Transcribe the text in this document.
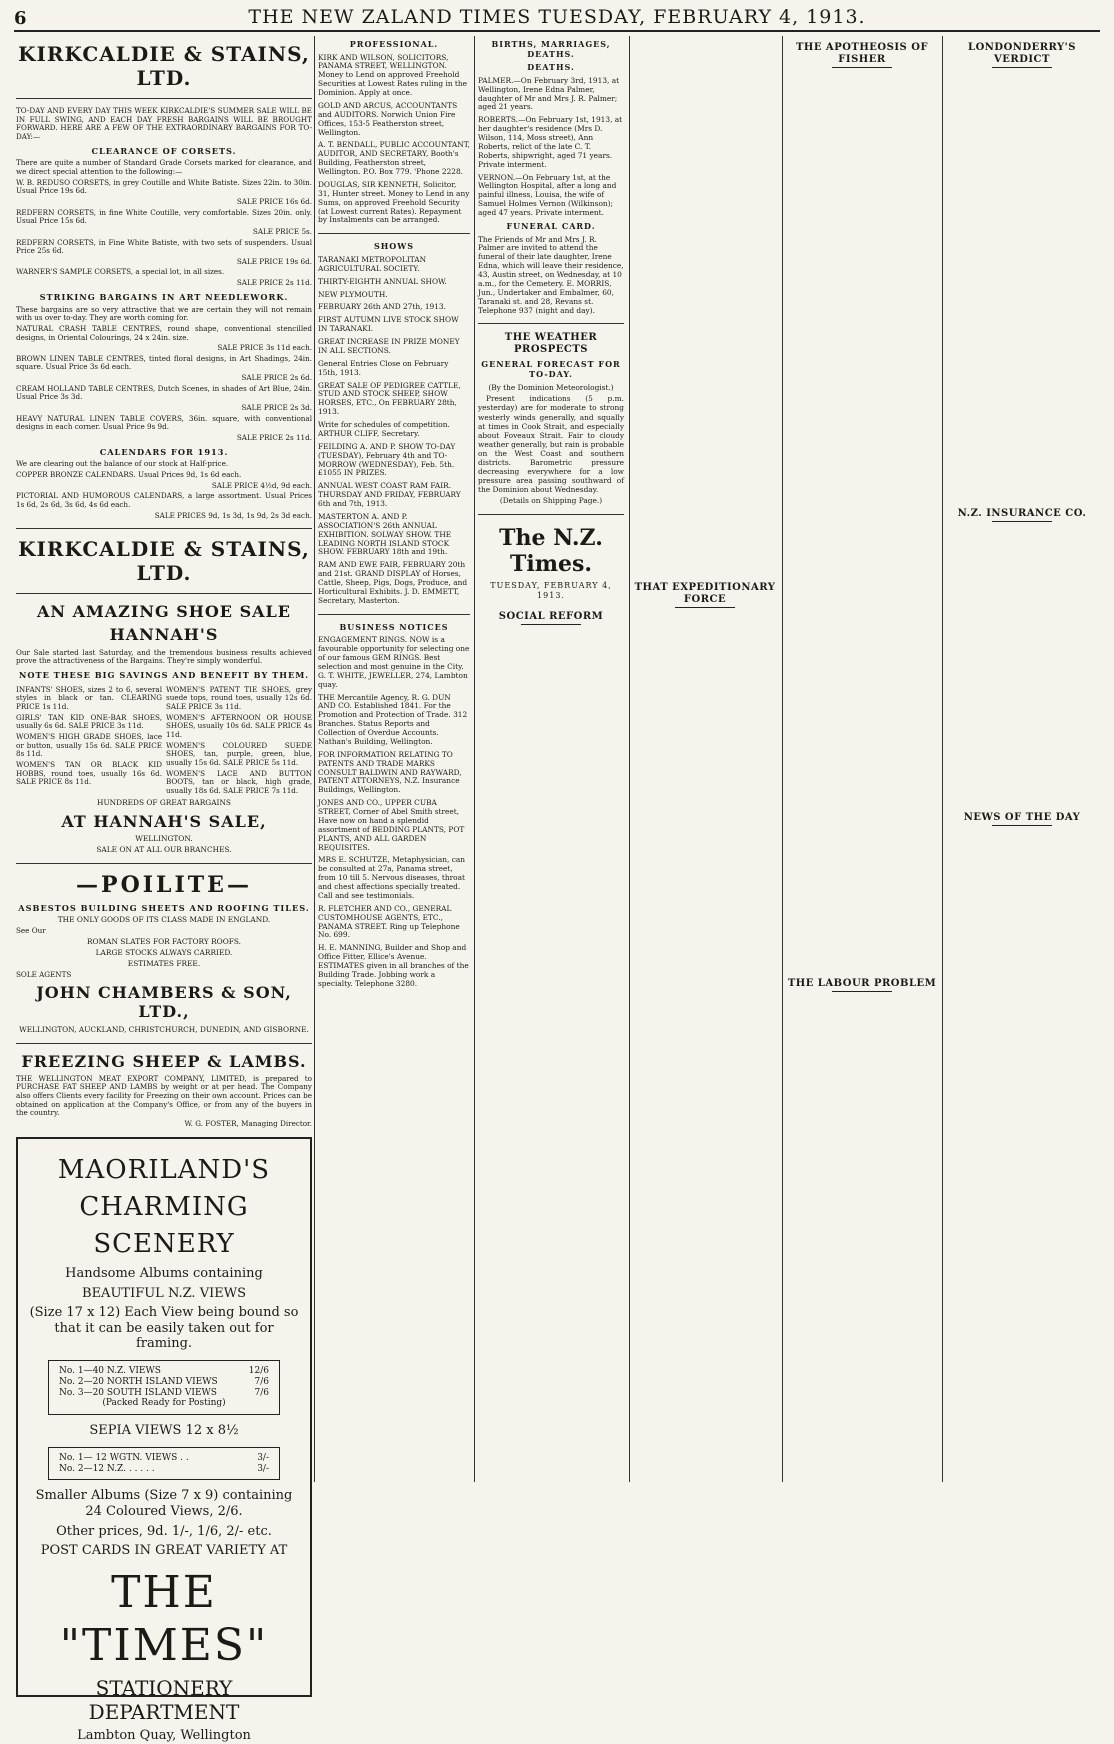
6	THE NEW ZALAND TIMES TUESDAY, FEBRUARY 4, 1913.
KIRKCALDIE & STAINS, LTD.
TO-DAY AND EVERY DAY THIS WEEK KIRKCALDIE'S SUMMER SALE WILL BE IN FULL SWING, AND EACH DAY FRESH BARGAINS WILL BE BROUGHT FORWARD. HERE ARE A FEW OF THE EXTRAORDINARY BARGAINS FOR TO-DAY:—
CLEARANCE OF CORSETS.
There are quite a number of Standard Grade Corsets marked for clearance, and we direct special attention to the following:—
W. B. REDUSO CORSETS, in grey Coutille and White Batiste. Sizes 22in. to 30in. Usual Price 19s 6d.
SALE PRICE 16s 6d.
REDFERN CORSETS, in fine White Coutille, very comfortable. Sizes 20in. only. Usual Price 15s 6d.
SALE PRICE 5s.
REDFERN CORSETS, in Fine White Batiste, with two sets of suspenders. Usual Price 25s 6d.
SALE PRICE 19s 6d.
WARNER'S SAMPLE CORSETS, a special lot, in all sizes.
SALE PRICE 2s 11d.
STRIKING BARGAINS IN ART NEEDLEWORK.
These bargains are so very attractive that we are certain they will not remain with us over to-day. They are worth coming for.
NATURAL CRASH TABLE CENTRES, round shape, conventional stencilled designs, in Oriental Colourings, 24 x 24in. size.
SALE PRICE 3s 11d each.
BROWN LINEN TABLE CENTRES, tinted floral designs, in Art Shadings, 24in. square. Usual Price 3s 6d each.
SALE PRICE 2s 6d.
CREAM HOLLAND TABLE CENTRES, Dutch Scenes, in shades of Art Blue, 24in. Usual Price 3s 3d.
SALE PRICE 2s 3d.
HEAVY NATURAL LINEN TABLE COVERS, 36in. square, with conventional designs in each corner. Usual Price 9s 9d.
SALE PRICE 2s 11d.
CALENDARS FOR 1913.
We are clearing out the balance of our stock at Half-price.
COPPER BRONZE CALENDARS. Usual Prices 9d, 1s 6d each.
SALE PRICE 4½d, 9d each.
PICTORIAL AND HUMOROUS CALENDARS, a large assortment. Usual Prices 1s 6d, 2s 6d, 3s 6d, 4s 6d each.
SALE PRICES 9d, 1s 3d, 1s 9d, 2s 3d each.
KIRKCALDIE & STAINS, LTD.
AN AMAZING SHOE SALE
HANNAH'S
Our Sale started last Saturday, and the tremendous business results achieved prove the attractiveness of the Bargains. They're simply wonderful.
NOTE THESE BIG SAVINGS AND BENEFIT BY THEM.
INFANTS' SHOES, sizes 2 to 6, several styles in black or tan. CLEARING PRICE 1s 11d.
GIRLS' TAN KID ONE-BAR SHOES, usually 6s 6d. SALE PRICE 3s 11d.
WOMEN'S HIGH GRADE SHOES, lace or button, usually 15s 6d. SALE PRICE 8s 11d.
WOMEN'S TAN OR BLACK KID HOBBS, round toes, usually 16s 6d. SALE PRICE 8s 11d.
WOMEN'S PATENT TIE SHOES, grey suede tops, round toes, usually 12s 6d. SALE PRICE 3s 11d.
WOMEN'S AFTERNOON OR HOUSE SHOES, usually 10s 6d. SALE PRICE 4s 11d.
WOMEN'S COLOURED SUEDE SHOES, tan, purple, green, blue, usually 15s 6d. SALE PRICE 5s 11d.
WOMEN'S LACE AND BUTTON BOOTS, tan or black, high grade, usually 18s 6d. SALE PRICE 7s 11d.
HUNDREDS OF GREAT BARGAINS
AT HANNAH'S SALE,
WELLINGTON.
SALE ON AT ALL OUR BRANCHES.
—POILITE—
ASBESTOS BUILDING SHEETS AND ROOFING TILES.
THE ONLY GOODS OF ITS CLASS MADE IN ENGLAND.
See Our
ROMAN SLATES FOR FACTORY ROOFS.
LARGE STOCKS ALWAYS CARRIED.
ESTIMATES FREE.
SOLE AGENTS
JOHN CHAMBERS & SON, LTD.,
WELLINGTON, AUCKLAND, CHRISTCHURCH, DUNEDIN, AND GISBORNE.
FREEZING SHEEP & LAMBS.
THE WELLINGTON MEAT EXPORT COMPANY, LIMITED, is prepared to PURCHASE FAT SHEEP AND LAMBS by weight or at per head. The Company also offers Clients every facility for Freezing on their own account. Prices can be obtained on application at the Company's Office, or from any of the buyers in the country.
W. G. FOSTER, Managing Director.
MAORILAND'S
CHARMING
SCENERY
Handsome Albums containing
BEAUTIFUL N.Z. VIEWS
(Size 17 x 12) Each View being bound so that it can be easily taken out for framing.
No. 1—40 N.Z. VIEWS	12/6
No. 2—20 NORTH ISLAND VIEWS	7/6
No. 3—20 SOUTH ISLAND VIEWS	7/6
(Packed Ready for Posting)
SEPIA VIEWS 12 x 8½
No. 1— 12 WGTN. VIEWS . .	3/-
No. 2—12 N.Z. . . . . .	3/-
Smaller Albums (Size 7 x 9) containing 24 Coloured Views, 2/6.
Other prices, 9d. 1/-, 1/6, 2/- etc.
POST CARDS IN GREAT VARIETY AT
THE "TIMES"
STATIONERY DEPARTMENT
Lambton Quay, Wellington
PROFESSIONAL.
KIRK AND WILSON, SOLICITORS, PANAMA STREET, WELLINGTON. Money to Lend on approved Freehold Securities at Lowest Rates ruling in the Dominion. Apply at once.
GOLD AND ARCUS, ACCOUNTANTS and AUDITORS. Norwich Union Fire Offices, 153-5 Featherston street, Wellington.
A. T. BENDALL, PUBLIC ACCOUNTANT, AUDITOR, AND SECRETARY, Booth's Building, Featherston street, Wellington. P.O. Box 779. 'Phone 2228.
DOUGLAS, SIR KENNETH, Solicitor, 31, Hunter street. Money to Lend in any Sums, on approved Freehold Security (at Lowest current Rates). Repayment by Instalments can be arranged.
SHOWS
TARANAKI METROPOLITAN AGRICULTURAL SOCIETY.
THIRTY-EIGHTH ANNUAL SHOW.
NEW PLYMOUTH.
FEBRUARY 26th AND 27th, 1913.
FIRST AUTUMN LIVE STOCK SHOW IN TARANAKI.
GREAT INCREASE IN PRIZE MONEY IN ALL SECTIONS.
General Entries Close on February 15th, 1913.
GREAT SALE OF PEDIGREE CATTLE, STUD AND STOCK SHEEP, SHOW HORSES, ETC., On FEBRUARY 28th, 1913.
Write for schedules of competition. ARTHUR CLIFF, Secretary.
FEILDING A. AND P. SHOW TO-DAY (TUESDAY), February 4th and TO-MORROW (WEDNESDAY), Feb. 5th. £1055 IN PRIZES.
ANNUAL WEST COAST RAM FAIR. THURSDAY AND FRIDAY, FEBRUARY 6th and 7th, 1913.
MASTERTON A. AND P. ASSOCIATION'S 26th ANNUAL EXHIBITION. SOLWAY SHOW. THE LEADING NORTH ISLAND STOCK SHOW. FEBRUARY 18th and 19th.
RAM AND EWE FAIR, FEBRUARY 20th and 21st. GRAND DISPLAY of Horses, Cattle, Sheep, Pigs, Dogs, Produce, and Horticultural Exhibits. J. D. EMMETT, Secretary, Masterton.
BUSINESS NOTICES
ENGAGEMENT RINGS. NOW is a favourable opportunity for selecting one of our famous GEM RINGS. Best selection and most genuine in the City. G. T. WHITE, JEWELLER, 274, Lambton quay.
THE Mercantile Agency, R. G. DUN AND CO. Established 1841. For the Promotion and Protection of Trade. 312 Branches. Status Reports and Collection of Overdue Accounts. Nathan's Building, Wellington.
FOR INFORMATION RELATING TO PATENTS AND TRADE MARKS CONSULT BALDWIN AND RAYWARD, PATENT ATTORNEYS, N.Z. Insurance Buildings, Wellington.
JONES AND CO., UPPER CUBA STREET, Corner of Abel Smith street, Have now on hand a splendid assortment of BEDDING PLANTS, POT PLANTS, AND ALL GARDEN REQUISITES.
MRS E. SCHUTZE, Metaphysician, can be consulted at 27a, Panama street, from 10 till 5. Nervous diseases, throat and chest affections specially treated. Call and see testimonials.
R. FLETCHER AND CO., GENERAL CUSTOMHOUSE AGENTS, ETC., PANAMA STREET. Ring up Telephone No. 699.
H. E. MANNING, Builder and Shop and Office Fitter, Ellice's Avenue. ESTIMATES given in all branches of the Building Trade. Jobbing work a specialty. Telephone 3280.
BIRTHS, MARRIAGES, DEATHS.
DEATHS.
PALMER.—On February 3rd, 1913, at Wellington, Irene Edna Palmer, daughter of Mr and Mrs J. R. Palmer; aged 21 years.
ROBERTS.—On February 1st, 1913, at her daughter's residence (Mrs D. Wilson, 114, Moss street), Ann Roberts, relict of the late C. T. Roberts, shipwright, aged 71 years. Private interment.
VERNON.—On February 1st, at the Wellington Hospital, after a long and painful illness, Louisa, the wife of Samuel Holmes Vernon (Wilkinson); aged 47 years. Private interment.
FUNERAL CARD.
The Friends of Mr and Mrs J. R. Palmer are invited to attend the funeral of their late daughter, Irene Edna, which will leave their residence, 43, Austin street, on Wednesday, at 10 a.m., for the Cemetery. E. MORRIS, Jun., Undertaker and Embalmer, 60, Taranaki st. and 28, Revans st. Telephone 937 (night and day).
THE WEATHER PROSPECTS
GENERAL FORECAST FOR TO-DAY.
(By the Dominion Meteorologist.)

Present indications (5 p.m. yesterday) are for moderate to strong westerly winds generally, and squally at times in Cook Strait, and especially about Foveaux Strait. Fair to cloudy weather generally, but rain is probable on the West Coast and southern districts. Barometric pressure decreasing everywhere for a low pressure area passing southward of the Dominion about Wednesday.

(Details on Shipping Page.)
The N.Z. Times.
TUESDAY, FEBRUARY 4, 1913.
SOCIAL REFORM
THAT EXPEDITIONARY FORCE
THE APOTHEOSIS OF FISHER
THE LABOUR PROBLEM
LONDONDERRY'S VERDICT
N.Z. INSURANCE CO.
NEWS OF THE DAY
